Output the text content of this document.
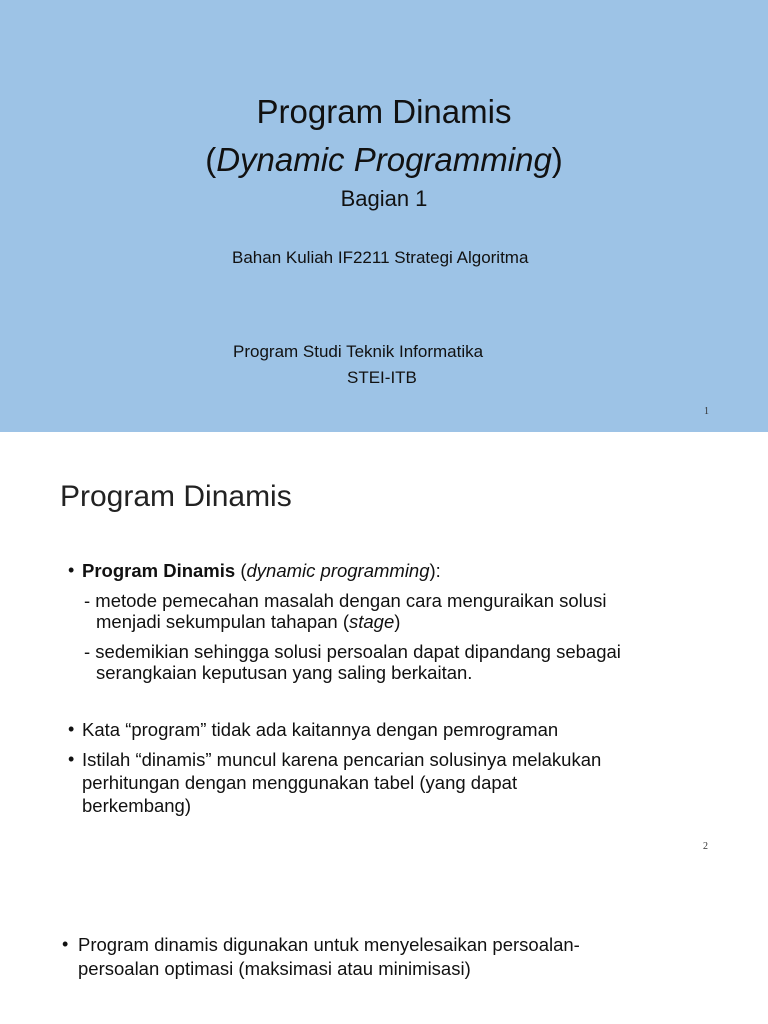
Program Dinamis
(Dynamic Programming)
Bagian 1
Bahan Kuliah IF2211 Strategi Algoritma
Program Studi Teknik Informatika
STEI-ITB
1
Program Dinamis
• Program Dinamis (dynamic programming):
- metode pemecahan masalah dengan cara menguraikan solusi
menjadi sekumpulan tahapan (stage)
- sedemikian sehingga solusi persoalan dapat dipandang sebagai
serangkaian keputusan yang saling berkaitan.
• Kata “program” tidak ada kaitannya dengan pemrograman
• Istilah “dinamis” muncul karena pencarian solusinya melakukan
perhitungan dengan menggunakan tabel (yang dapat
berkembang)
2
• Program dinamis digunakan untuk menyelesaikan persoalan-
persoalan optimasi (maksimasi atau minimisasi)
